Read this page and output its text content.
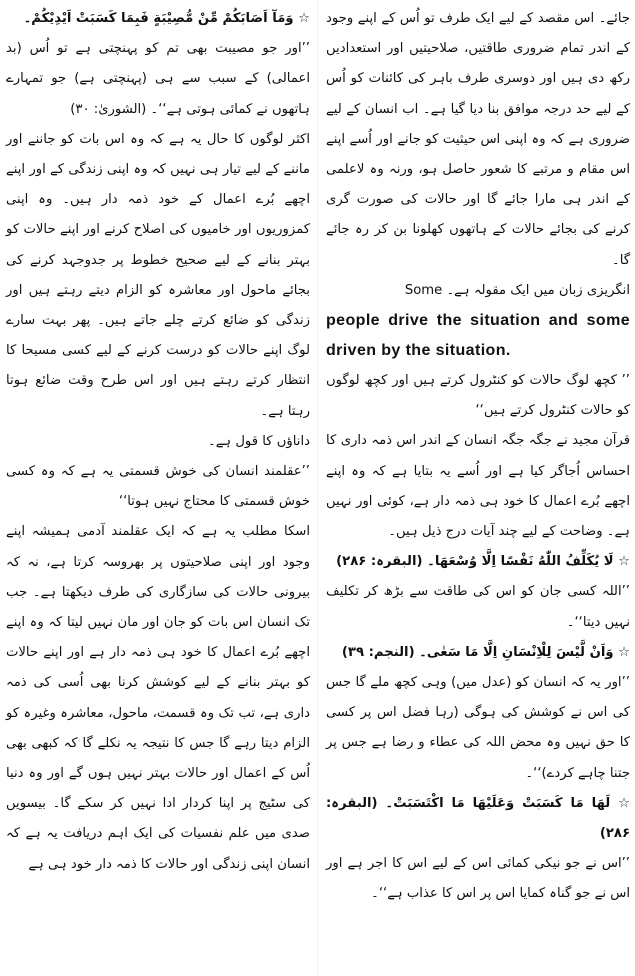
جائے۔ اس مقصد کے لیے ایک طرف تو اُس کے اپنے وجود کے اندر تمام ضروری طاقتیں، صلاحیتیں اور استعدادیں رکھ دی ہیں اور دوسری طرف باہر کی کائنات کو اُس کے لیے حد درجہ موافق بنا دیا گیا ہے۔ اب انسان کے لیے ضروری ہے کہ وہ اپنی اس حیثیت کو جانے اور اُسے اپنے اس مقام و مرتبے کا شعور حاصل ہو، ورنہ وہ لاعلمی کے اندر ہی مارا جائے گا اور حالات کی صورت گری کرنے کی بجائے حالات کے ہاتھوں کھلونا بن کر رہ جائے گا۔

انگریزی زبان میں ایک مقولہ ہے۔ Some

people drive the situation and some driven by the situation.

’’ کچھ لوگ حالات کو کنٹرول کرتے ہیں اور کچھ لوگوں کو حالات کنٹرول کرتے ہیں‘‘

قرآن مجید نے جگہ جگہ انسان کے اندر اس ذمہ داری کا احساس اُجاگر کیا ہے اور اُسے یہ بتایا ہے کہ وہ اپنے اچھے بُرے اعمال کا خود ہی ذمہ دار ہے، کوئی اور نہیں ہے۔ وضاحت کے لیے چند آیات درج ذیل ہیں۔

☆ لَا يُكَلِّفُ اللّٰهُ نَفْسًا اِلَّا وُسْعَهَا۔ (البقرہ: ۲۸۶)

’’اللہ کسی جان کو اس کی طاقت سے بڑھ کر تکلیف نہیں دیتا‘‘۔

☆ وَاَنْ لَّيْسَ لِلْاِنْسَانِ اِلَّا مَا سَعٰى۔ (النجم: ۳۹)

’’اور یہ کہ انسان کو (عدل میں) وہی کچھ ملے گا جس کی اس نے کوشش کی ہوگی (رہا فضل اس پر کسی کا حق نہیں وہ محض اللہ کی عطاء و رضا ہے جس پر جتنا چاہے کردے)‘‘۔

☆ لَهَا مَا كَسَبَتْ وَعَلَيْهَا مَا اكْتَسَبَتْ۔ (البقرہ: ۲۸۶)

’’اس نے جو نیکی کمائی اس کے لیے اس کا اجر ہے اور اس نے جو گناہ کمایا اس پر اس کا عذاب ہے‘‘۔

☆ وَمَآ اَصَابَكُمْ مِّنْ مُّصِيْبَةٍ فَبِمَا كَسَبَتْ اَيْدِيْكُمْ۔

’’اور جو مصیبت بھی تم کو پہنچتی ہے تو اُس (بد اعمالی) کے سبب سے ہی (پہنچتی ہے) جو تمہارے ہاتھوں نے کمائی ہوتی ہے‘‘۔ (الشوریٰ: ۳۰)

اکثر لوگوں کا حال یہ ہے کہ وہ اس بات کو جاننے اور ماننے کے لیے تیار ہی نہیں کہ وہ اپنی زندگی کے اور اپنے اچھے بُرے اعمال کے خود ذمہ دار ہیں۔ وہ اپنی کمزوریوں اور خامیوں کی اصلاح کرنے اور اپنے حالات کو بہتر بنانے کے لیے صحیح خطوط پر جدوجہد کرنے کی بجائے ماحول اور معاشرہ کو الزام دیتے رہتے ہیں اور زندگی کو ضائع کرتے چلے جاتے ہیں۔ پھر بہت سارے لوگ اپنے حالات کو درست کرنے کے لیے کسی مسیحا کا انتظار کرتے رہتے ہیں اور اس طرح وقت ضائع ہوتا رہتا ہے۔

داناؤں کا قول ہے۔

’’عقلمند انسان کی خوش قسمتی یہ ہے کہ وہ کسی خوش قسمتی کا محتاج نہیں ہوتا‘‘

اسکا مطلب یہ ہے کہ ایک عقلمند آدمی ہمیشہ اپنے وجود اور اپنی صلاحیتوں پر بھروسہ کرتا ہے، نہ کہ بیرونی حالات کی سازگاری کی طرف دیکھتا ہے۔ جب تک انسان اس بات کو جان اور مان نہیں لیتا کہ وہ اپنے اچھے بُرے اعمال کا خود ہی ذمہ دار ہے اور اپنے حالات کو بہتر بنانے کے لیے کوشش کرنا بھی اُسی کی ذمہ داری ہے، تب تک وہ قسمت، ماحول، معاشرہ وغیرہ کو الزام دیتا رہے گا جس کا نتیجہ یہ نکلے گا کہ کبھی بھی اُس کے اعمال اور حالات بہتر نہیں ہوں گے اور وہ دنیا کی سٹیج پر اپنا کردار ادا نہیں کر سکے گا۔ بیسویں صدی میں علم نفسیات کی ایک اہم دریافت یہ ہے کہ انسان اپنی زندگی اور حالات کا ذمہ دار خود ہی ہے
